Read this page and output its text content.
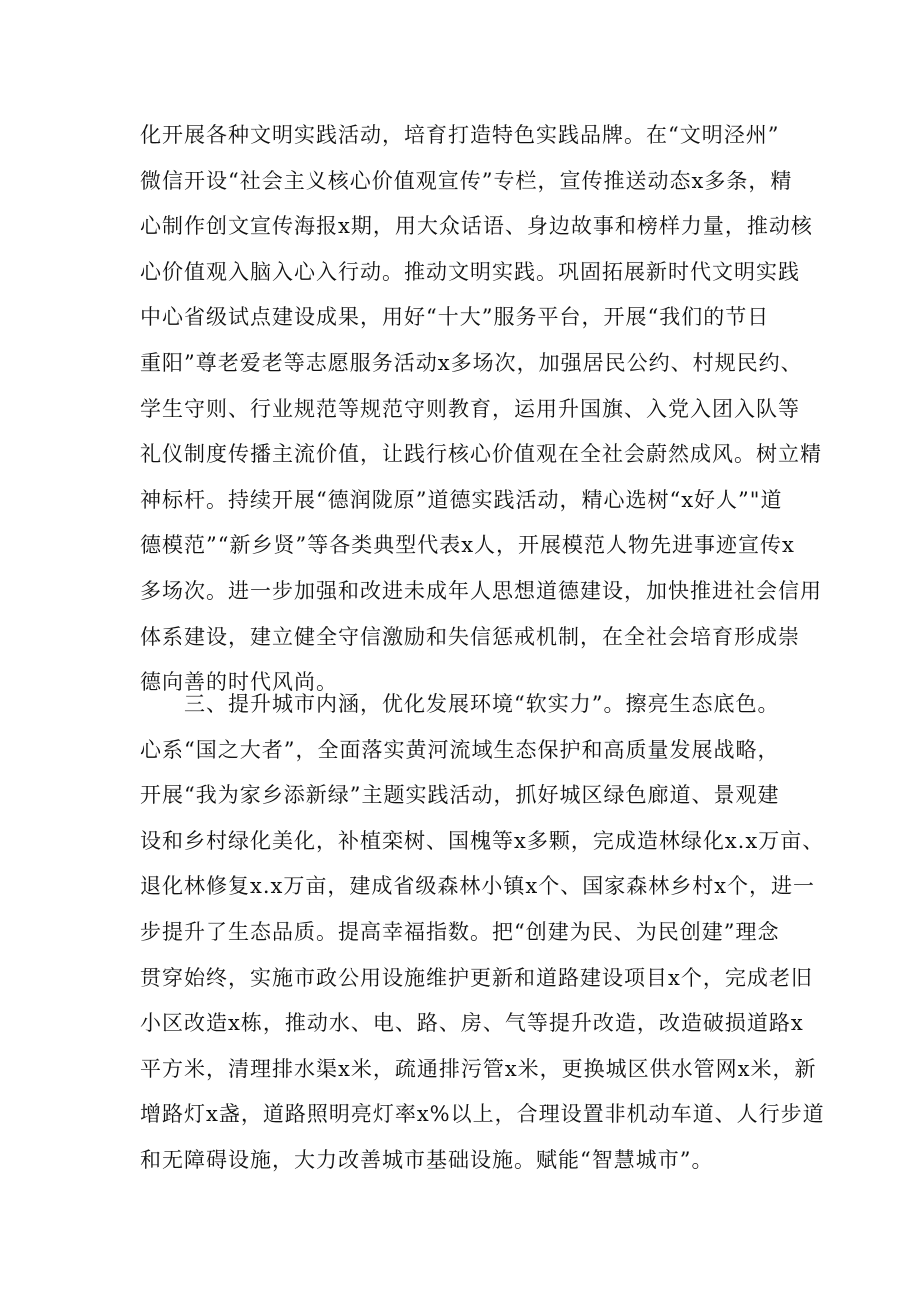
化开展各种文明实践活动，培育打造特色实践品牌。在“文明泾州”
微信开设“社会主义核心价值观宣传”专栏，宣传推送动态x多条，精
心制作创文宣传海报x期，用大众话语、身边故事和榜样力量，推动核
心价值观入脑入心入行动。推动文明实践。巩固拓展新时代文明实践
中心省级试点建设成果，用好“十大”服务平台，开展“我们的节日
重阳”尊老爱老等志愿服务活动x多场次，加强居民公约、村规民约、
学生守则、行业规范等规范守则教育，运用升国旗、入党入团入队等
礼仪制度传播主流价值，让践行核心价值观在全社会蔚然成风。树立精
神标杆。持续开展“德润陇原”道德实践活动，精心选树“x好人”"道
德模范”“新乡贤”等各类典型代表x人，开展模范人物先进事迹宣传x
多场次。进一步加强和改进未成年人思想道德建设，加快推进社会信用
体系建设，建立健全守信激励和失信惩戒机制，在全社会培育形成崇
德向善的时代风尚。
　　三、提升城市内涵，优化发展环境“软实力”。擦亮生态底色。
心系“国之大者”，全面落实黄河流域生态保护和高质量发展战略，
开展“我为家乡添新绿”主题实践活动，抓好城区绿色廊道、景观建
设和乡村绿化美化，补植栾树、国槐等x多颗，完成造林绿化x.x万亩、
退化林修复x.x万亩，建成省级森林小镇x个、国家森林乡村x个，进一
步提升了生态品质。提高幸福指数。把“创建为民、为民创建”理念
贯穿始终，实施市政公用设施维护更新和道路建设项目x个，完成老旧
小区改造x栋，推动水、电、路、房、气等提升改造，改造破损道路x
平方米，清理排水渠x米，疏通排污管x米，更换城区供水管网x米，新
增路灯x盏，道路照明亮灯率x%以上，合理设置非机动车道、人行步道
和无障碍设施，大力改善城市基础设施。赋能“智慧城市”。
